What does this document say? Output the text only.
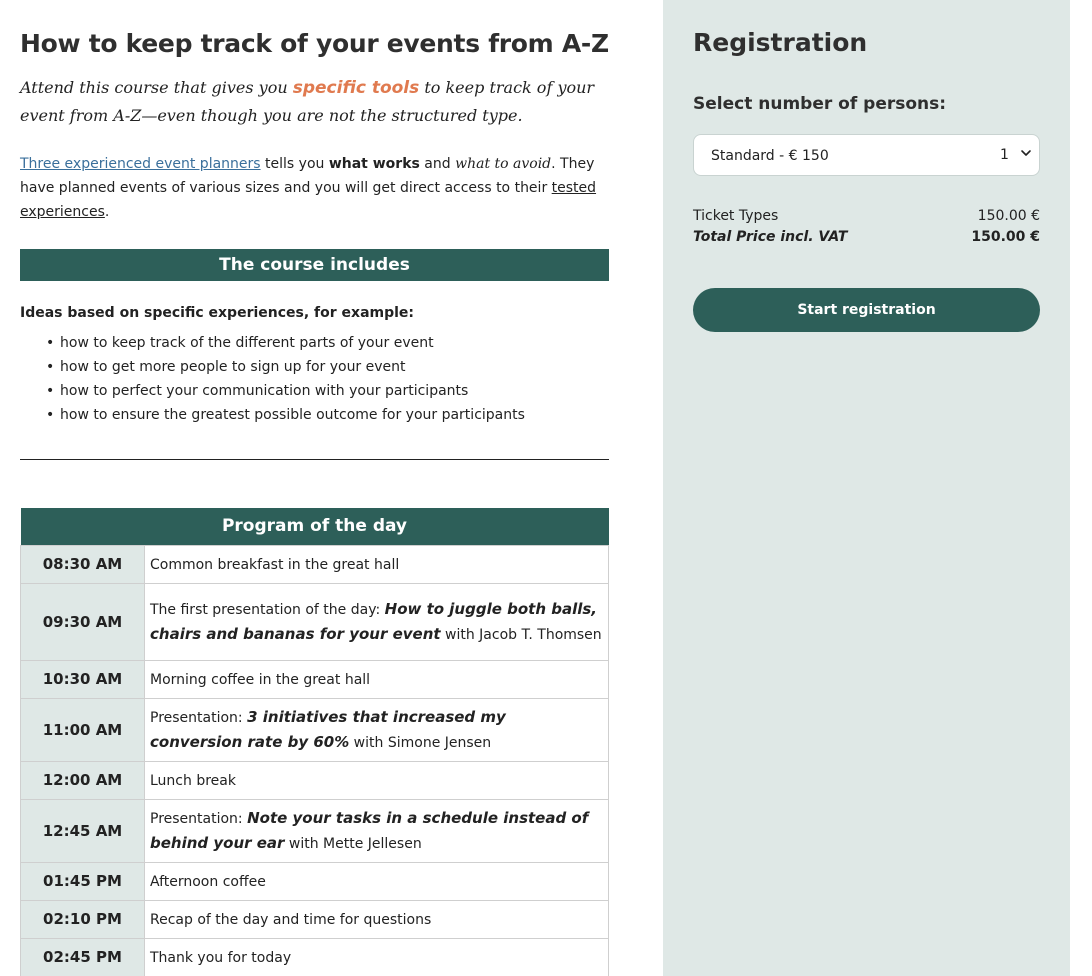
How to keep track of your events from A-Z

Attend this course that gives you specific tools to keep track of your event from A-Z—even though you are not the structured type.

Three experienced event planners tells you what works and what to avoid. They have planned events of various sizes and you will get direct access to their tested experiences.

The course includes

Ideas based on specific experiences, for example:

• how to keep track of the different parts of your event
• how to get more people to sign up for your event
• how to perfect your communication with your participants
• how to ensure the greatest possible outcome for your participants
Program of the day	
08:30 AM	Common breakfast in the great hall
09:30 AM	The first presentation of the day: How to juggle both balls, chairs and bananas for your event with Jacob T. Thomsen
10:30 AM	Morning coffee in the great hall
11:00 AM	Presentation: 3 initiatives that increased my conversion rate by 60% with Simone Jensen
12:00 AM	Lunch break
12:45 AM	Presentation: Note your tasks in a schedule instead of behind your ear with Mette Jellesen
01:45 PM	Afternoon coffee
02:10 PM	Recap of the day and time for questions
02:45 PM	Thank you for today
Registration
Select number of persons:
Standard - € 150	1
Ticket Types	150.00 €
Total Price incl. VAT	150.00 €
Start registration
